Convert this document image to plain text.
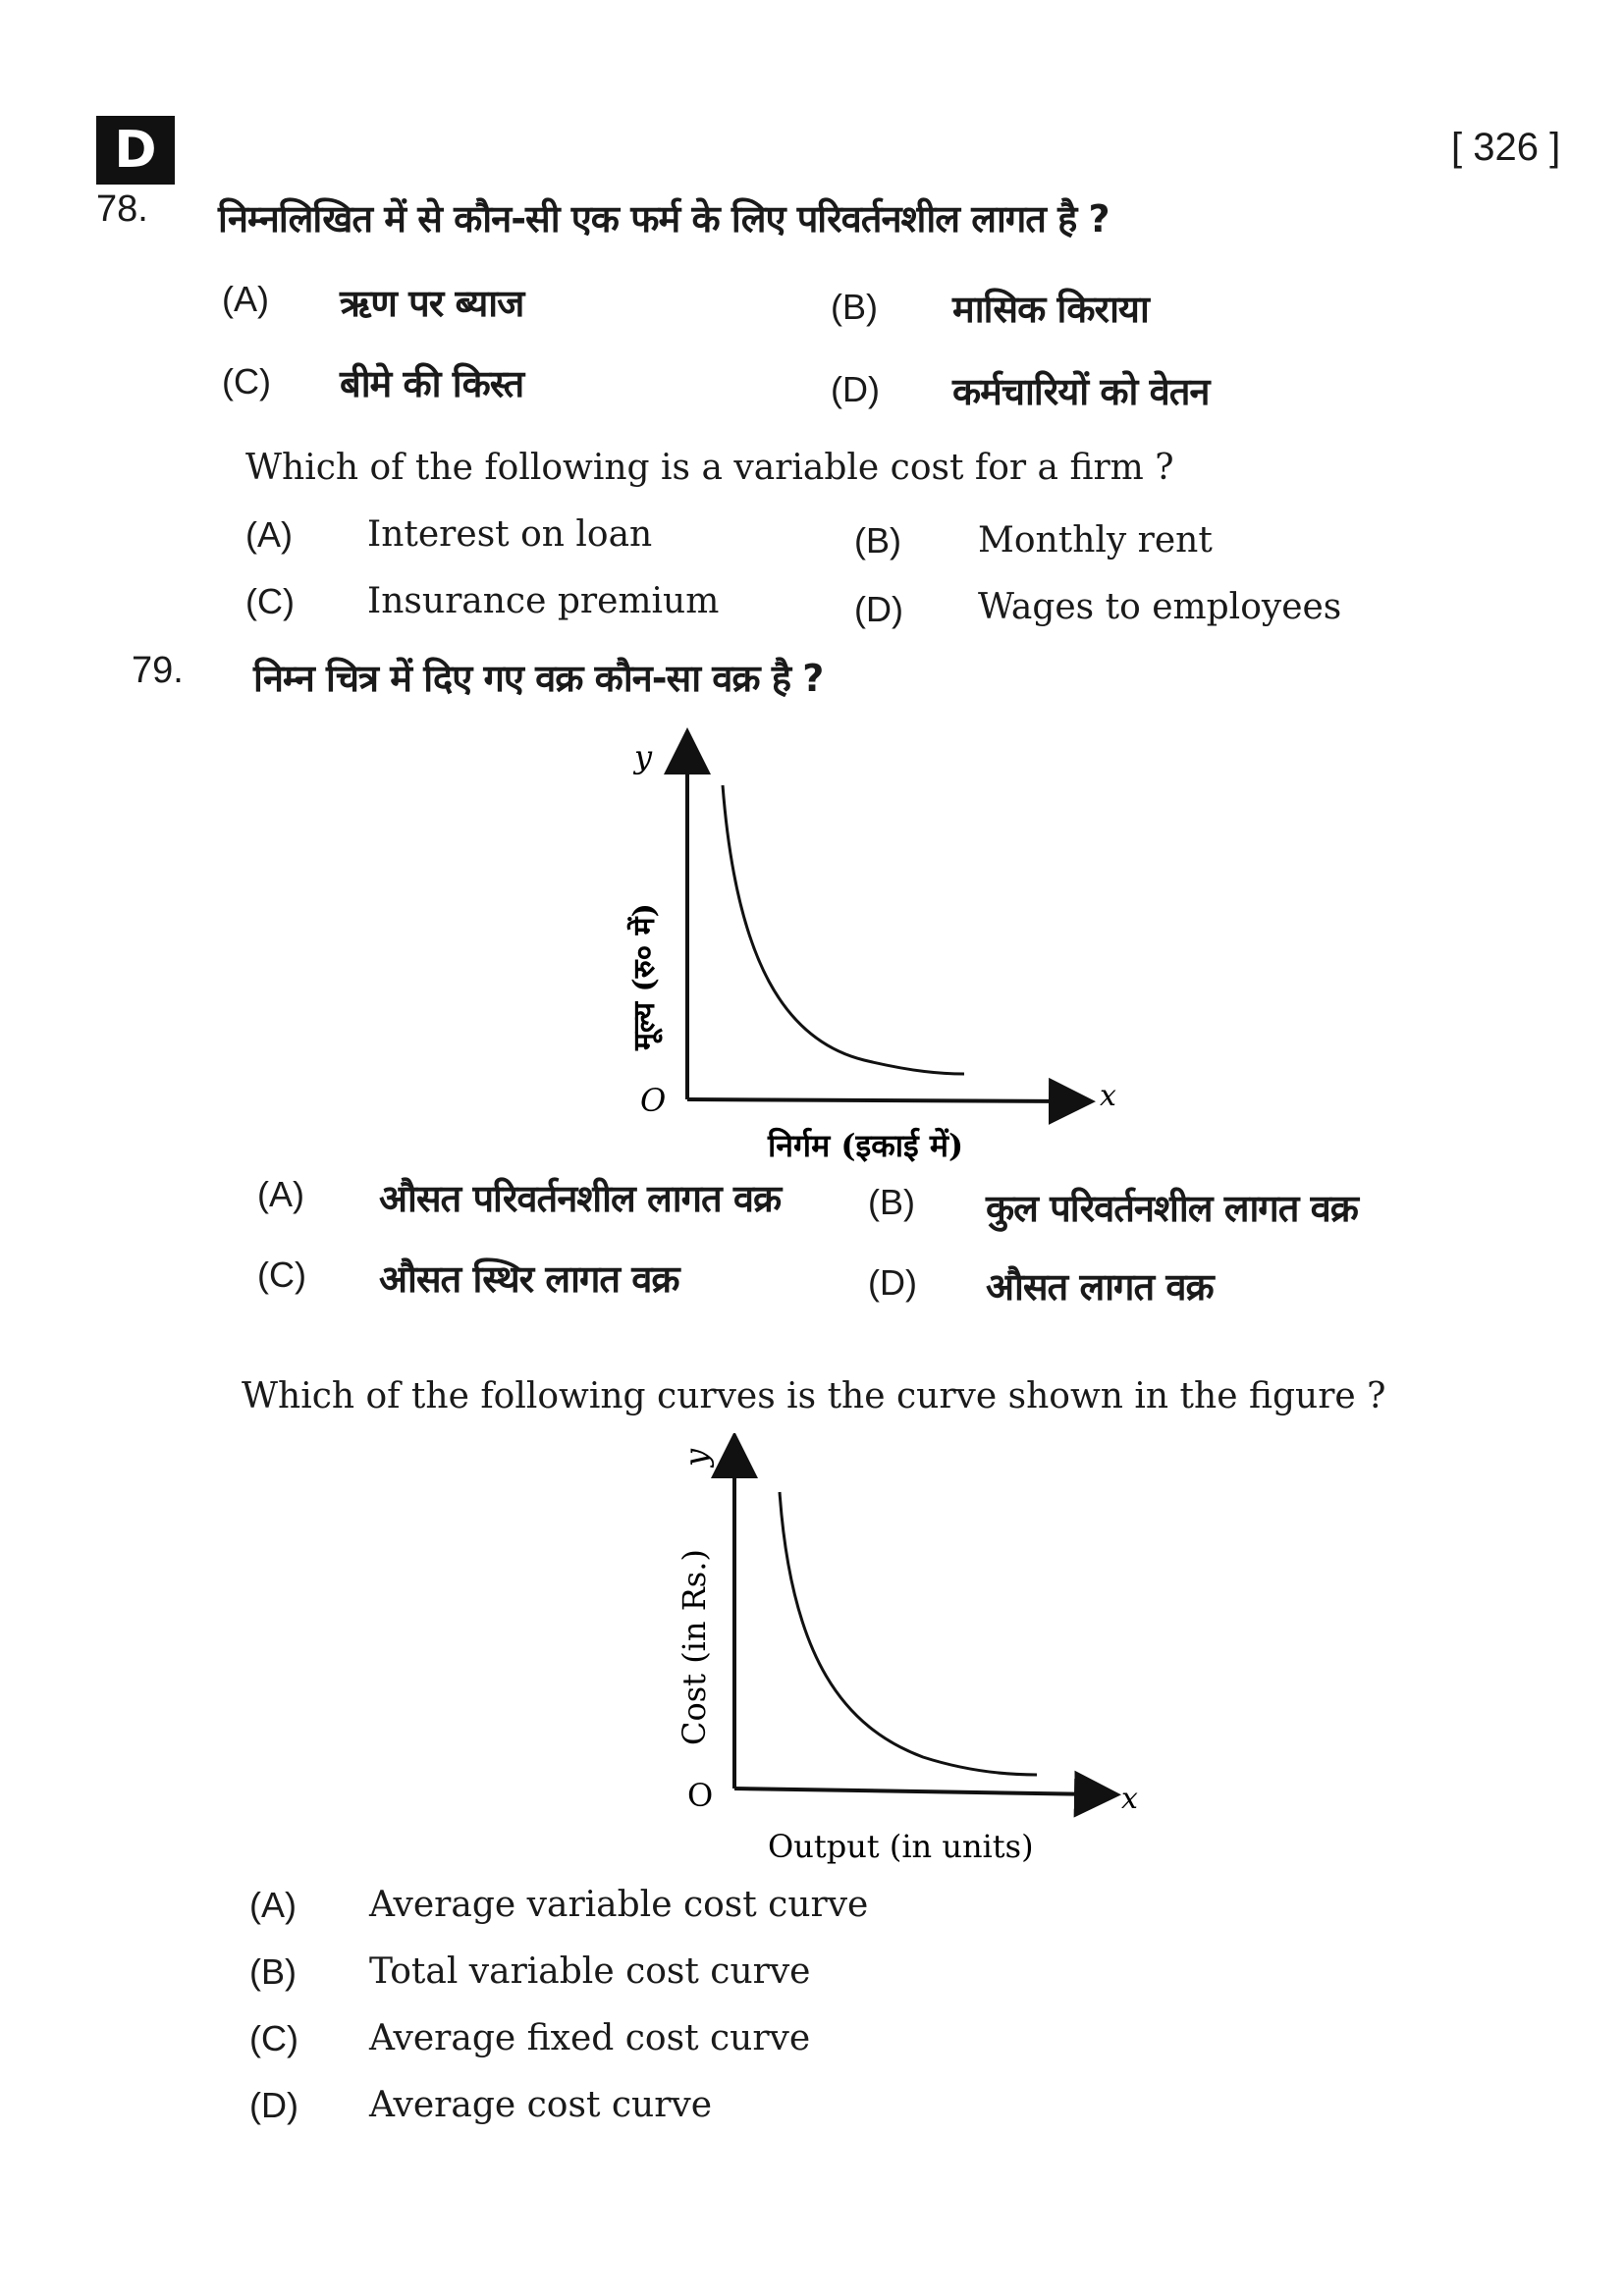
D	[ 326 ]
78. निम्नलिखित में से कौन-सी एक फर्म के लिए परिवर्तनशील लागत है ?
(A) ऋण पर ब्याज	(B) मासिक किराया
(C) बीमे की किस्त	(D) कर्मचारियों को वेतन
Which of the following is a variable cost for a firm ?
(A) Interest on loan	(B) Monthly rent
(C) Insurance premium	(D) Wages to employees
79. निम्न चित्र में दिए गए वक्र कौन-सा वक्र है ?
y
x
O
मूल्य (रु० में)
निर्गम (इकाई में)
(A) औसत परिवर्तनशील लागत वक्र (B) कुल परिवर्तनशील लागत वक्र
(C) औसत स्थिर लागत वक्र	(D) औसत लागत वक्र
Which of the following curves is the curve shown in the figure ?
y
x
O
Cost (in Rs.)
Output (in units)
(A) Average variable cost curve
(B) Total variable cost curve
(C) Average fixed cost curve
(D) Average cost curve
